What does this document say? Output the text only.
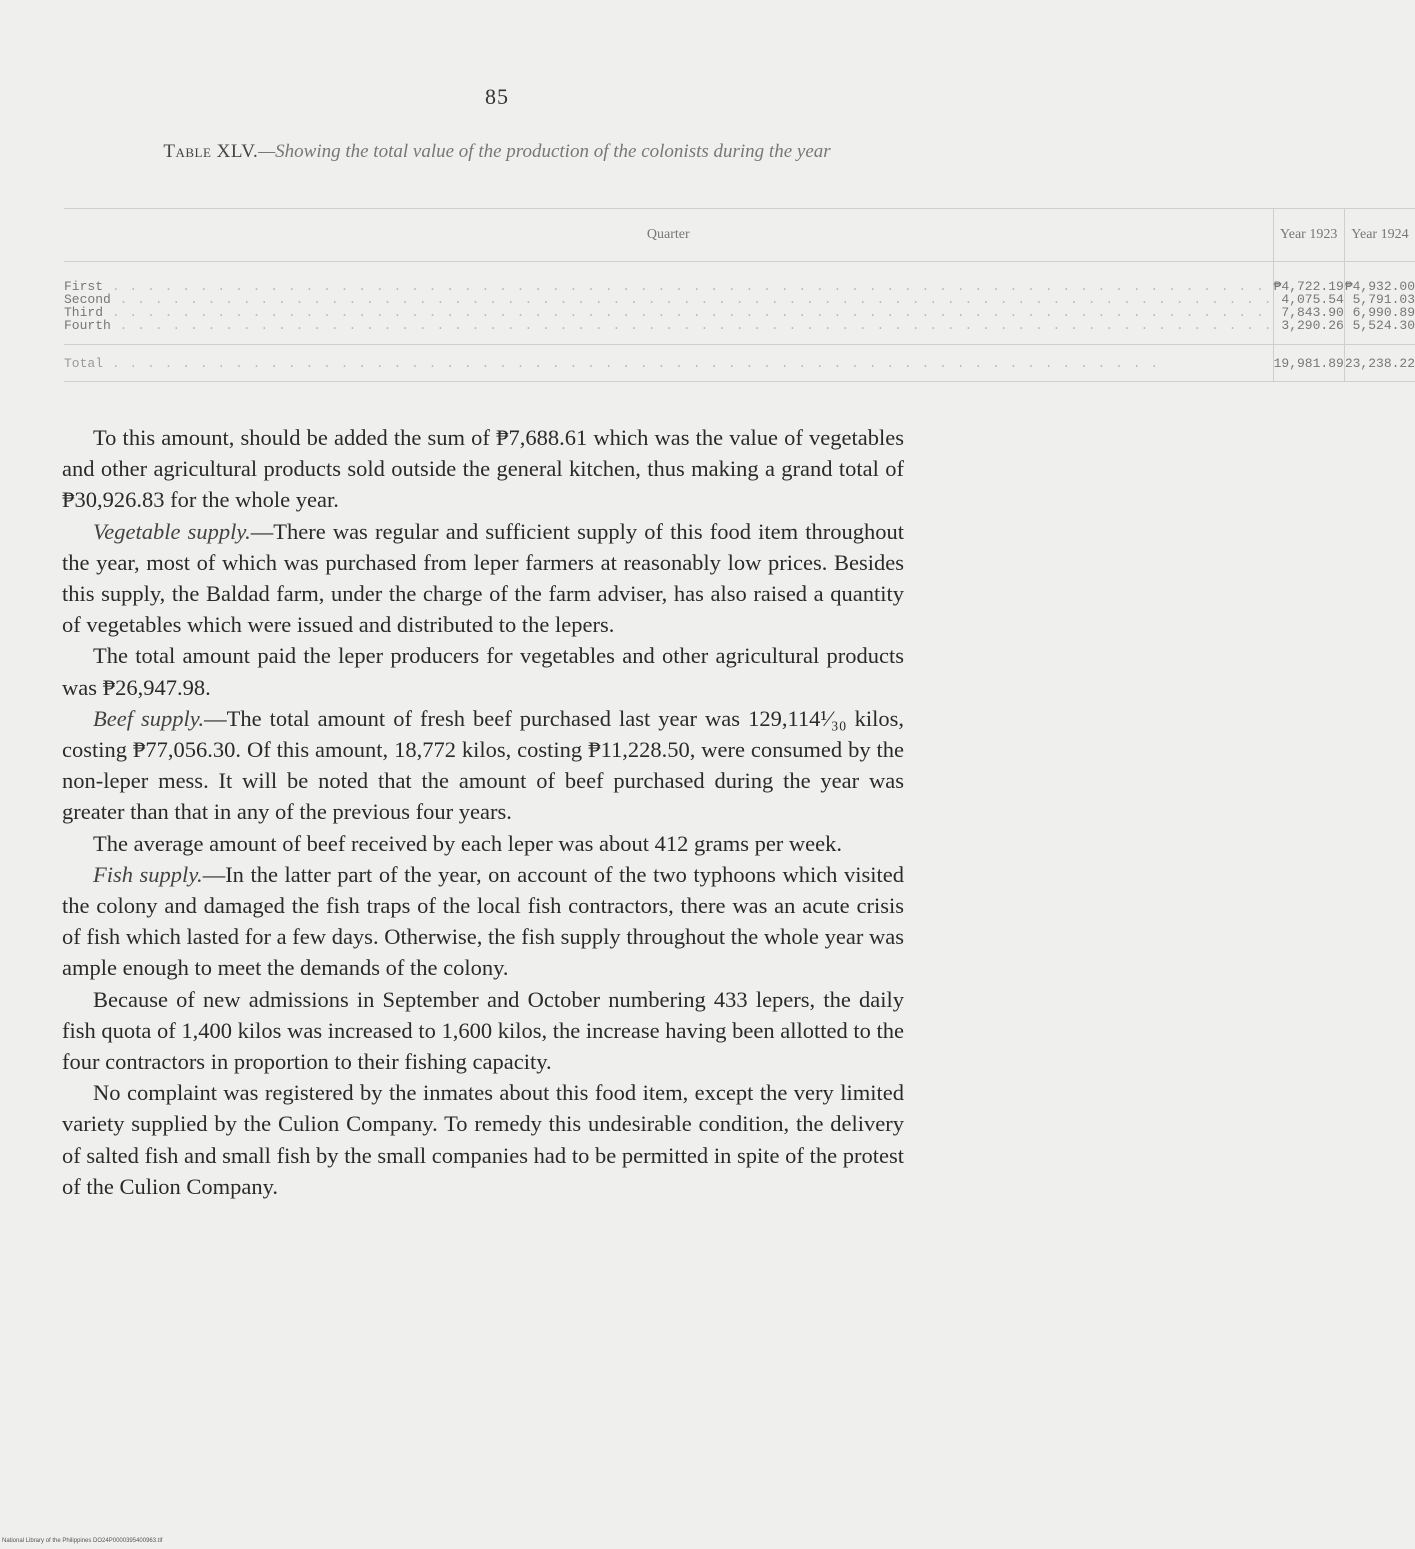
85
Table XLV.—Showing the total value of the production of the colonists during the year
Quarter	Year 1923	Year 1924
First . . . . . . . . . . . . . . . . . . . . . . . . . . . . . . . . . . . . . . . . . . . . . . . . . . . . . . . . . . . . . . . . . .	₱4,722.19	₱4,932.00
Second . . . . . . . . . . . . . . . . . . . . . . . . . . . . . . . . . . . . . . . . . . . . . . . . . . . . . . . . . . . . . . . . . .	4,075.54	5,791.03
Third . . . . . . . . . . . . . . . . . . . . . . . . . . . . . . . . . . . . . . . . . . . . . . . . . . . . . . . . . . . . . . . . . .	7,843.90	6,990.89
Fourth . . . . . . . . . . . . . . . . . . . . . . . . . . . . . . . . . . . . . . . . . . . . . . . . . . . . . . . . . . . . . . . . . .	3,290.26	5,524.30
Total . . . . . . . . . . . . . . . . . . . . . . . . . . . . . . . . . . . . . . . . . . . . . . . . . . . . . . . . . . . .	19,981.89	23,238.22

To this amount, should be added the sum of ₱7,688.61 which was the value of vegetables and other agricultural products sold outside the general kitchen, thus making a grand total of ₱30,926.83 for the whole year.

Vegetable supply.—There was regular and sufficient supply of this food item throughout the year, most of which was purchased from leper farmers at reasonably low prices. Besides this supply, the Baldad farm, under the charge of the farm adviser, has also raised a quantity of vegetables which were issued and distributed to the lepers.

The total amount paid the leper producers for vegetables and other agricultural products was ₱26,947.98.

Beef supply.—The total amount of fresh beef purchased last year was 129,114¹⁄₃₀ kilos, costing ₱77,056.30. Of this amount, 18,772 kilos, costing ₱11,228.50, were consumed by the non-leper mess. It will be noted that the amount of beef purchased during the year was greater than that in any of the previous four years.

The average amount of beef received by each leper was about 412 grams per week.

Fish supply.—In the latter part of the year, on account of the two typhoons which visited the colony and damaged the fish traps of the local fish contractors, there was an acute crisis of fish which lasted for a few days. Otherwise, the fish supply throughout the whole year was ample enough to meet the demands of the colony.

Because of new admissions in September and October numbering 433 lepers, the daily fish quota of 1,400 kilos was increased to 1,600 kilos, the increase having been allotted to the four contractors in proportion to their fishing capacity.

No complaint was registered by the inmates about this food item, except the very limited variety supplied by the Culion Company. To remedy this undesirable condition, the delivery of salted fish and small fish by the small companies had to be permitted in spite of the protest of the Culion Company.

National Library of the Philippines DO24P0000395400963.tif
